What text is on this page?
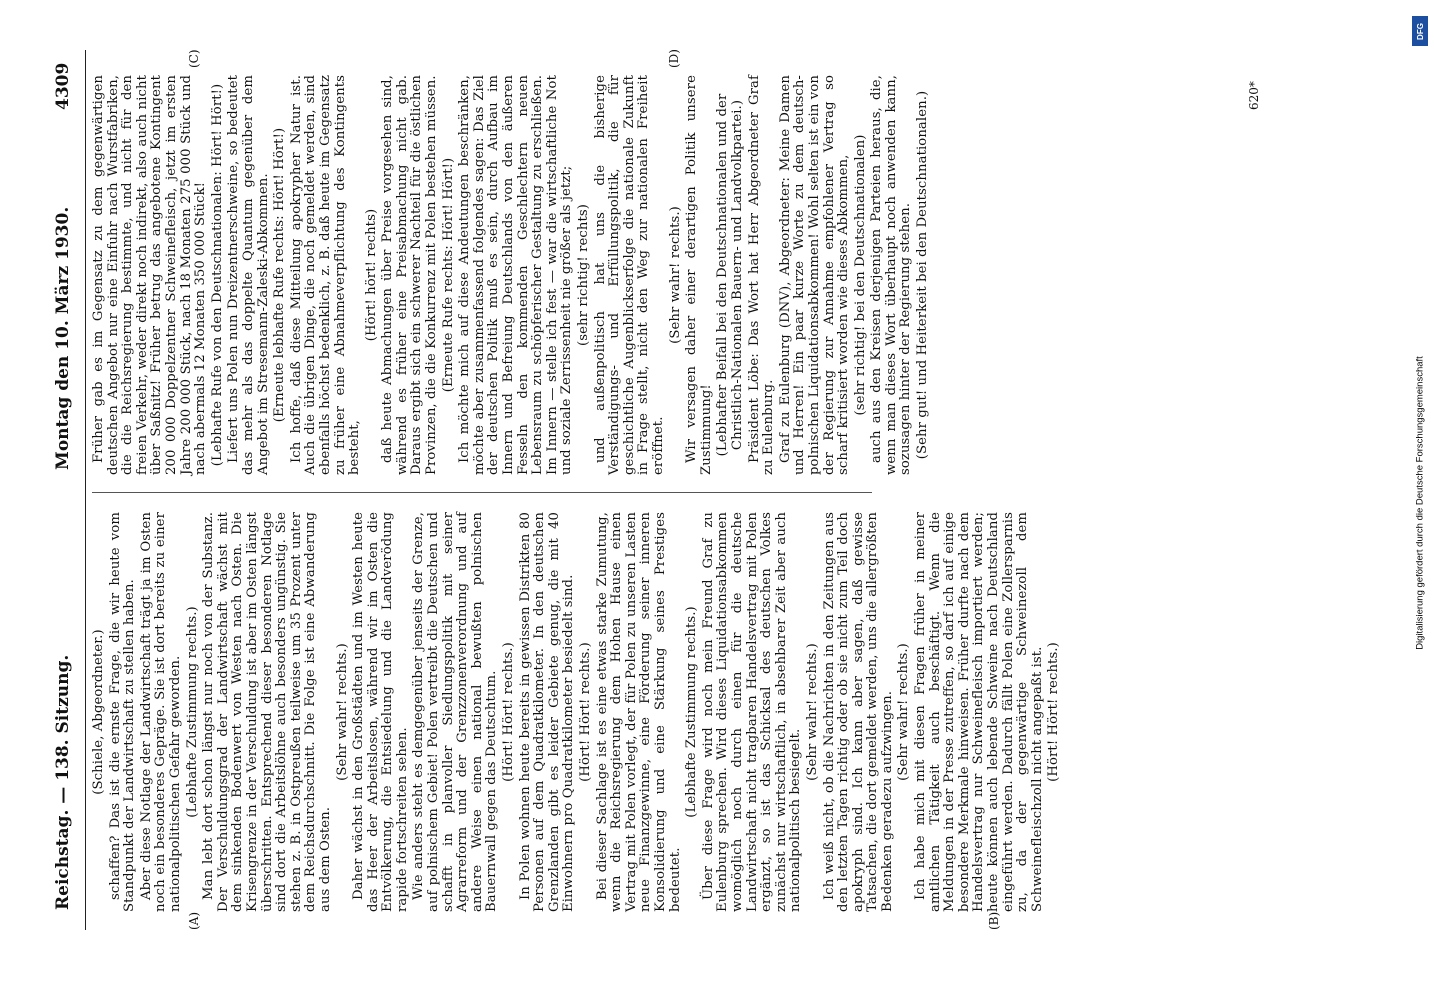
Reichstag. — 138. Sitzung.
Montag den 10. März 1930.
4309
(A)	(B)
(C)	(D)

(Schiele, Abgeordneter.) schaffen? Das ist die ernste Frage, die wir heute vom Standpunkt der Landwirtschaft zu stellen haben. Aber diese Notlage der Landwirtschaft trägt ja im Osten noch ein besonderes Gepräge. Sie ist dort bereits zu einer nationalpolitischen Gefahr geworden. (Lebhafte Zustimmung rechts.) Man lebt dort schon längst nur noch von der Substanz. Der Verschuldungsgrad der Landwirtschaft wächst mit dem sinkenden Bodenwert von Westen nach Osten. Die Krisengrenze in der Verschuldung ist aber im Osten längst überschritten. Entsprechend dieser besonderen Notlage sind dort die Arbeitslöhne auch besonders ungünstig. Sie stehen z. B. in Ostpreußen teilweise um 35 Prozent unter dem Reichsdurchschnitt. Die Folge ist eine Abwanderung aus dem Osten.

(Sehr wahr! rechts.) Daher wächst in den Großstädten und im Westen heute das Heer der Arbeitslosen, während wir im Osten die Entvölkerung, die Entsiedelung und die Landverödung rapide fortschreiten sehen. Wie anders steht es demgegenüber jenseits der Grenze, auf polnischem Gebiet! Polen vertreibt die Deutschen und schafft in planvoller Siedlungspolitik mit seiner Agrarreform und der Grenzzonenverordnung und auf andere Weise einen national bewußten polnischen Bauernwall gegen das Deutschtum. (Hört! Hört! rechts.) In Polen wohnen heute bereits in gewissen Distrikten 80 Personen auf dem Quadratkilometer. In den deutschen Grenzlanden gibt es leider Gebiete genug, die mit 40 Einwohnern pro Quadratkilometer besiedelt sind. (Hört! Hört! rechts.) Bei dieser Sachlage ist es eine etwas starke Zumutung, wenn die Reichsregierung dem Hohen Hause einen Vertrag mit Polen vorlegt, der für Polen zu unseren Lasten neue Finanzgewinne, eine Förderung seiner inneren Konsolidierung und eine Stärkung seines Prestiges bedeutet.

(Lebhafte Zustimmung rechts.) Über diese Frage wird noch mein Freund Graf zu Eulenburg sprechen. Wird dieses Liquidationsabkommen womöglich noch durch einen für die deutsche Landwirtschaft nicht tragbaren Handelsvertrag mit Polen ergänzt, so ist das Schicksal des deutschen Volkes zunächst nur wirtschaftlich, in absehbarer Zeit aber auch nationalpolitisch besiegelt.

(Sehr wahr! rechts.) Ich weiß nicht, ob die Nachrichten in den Zeitungen aus den letzten Tagen richtig oder ob sie nicht zum Teil doch apokryph sind. Ich kann aber sagen, daß gewisse Tatsachen, die dort gemeldet werden, uns die allergrößten Bedenken geradezu aufzwingen. (Sehr wahr! rechts.) Ich habe mich mit diesen Fragen früher in meiner amtlichen Tätigkeit auch beschäftigt. Wenn die Meldungen in der Presse zutreffen, so darf ich auf einige besondere Merkmale hinweisen. Früher durfte nach dem Handelsvertrag nur Schweinefleisch importiert werden; heute können auch lebende Schweine nach Deutschland eingeführt werden. Dadurch fällt Polen eine Zollersparnis zu, da der gegenwärtige Schweinezoll dem Schweinefleischzoll nicht angepaßt ist. (Hört! Hört! rechts.)

Früher gab es im Gegensatz zu dem gegenwärtigen deutschen Angebot nur eine Einfuhr nach Wurstfabriken, die die Reichsregierung bestimmte, und nicht für den freien Verkehr, weder direkt noch indirekt, also auch nicht über Saßnitz! Früher betrug das angebotene Kontingent 200 000 Doppelzentner Schweinefleisch, jetzt im ersten Jahre 200 000 Stück, nach 18 Monaten 275 000 Stück und nach abermals 12 Monaten 350 000 Stück! (Lebhafte Rufe von den Deutschnationalen: Hört! Hört!) Liefert uns Polen nun Dreizentnerschweine, so bedeutet das mehr als das doppelte Quantum gegenüber dem Angebot im Stresemann-Zaleski-Abkommen. (Erneute lebhafte Rufe rechts: Hört! Hört!) Ich hoffe, daß diese Mitteilung apokrypher Natur ist. Auch die übrigen Dinge, die noch gemeldet werden, sind ebenfalls höchst bedenklich, z. B. daß heute im Gegensatz zu früher eine Abnahmeverpflichtung des Kontingents besteht,

(Hört! hört! rechts) daß heute Abmachungen über Preise vorgesehen sind, während es früher eine Preisabmachung nicht gab. Daraus ergibt sich ein schwerer Nachteil für die östlichen Provinzen, die die Konkurrenz mit Polen bestehen müssen. (Erneute Rufe rechts: Hört! Hört!) Ich möchte mich auf diese Andeutungen beschränken, möchte aber zusammenfassend folgendes sagen: Das Ziel der deutschen Politik muß es sein, durch Aufbau im Innern und Befreiung Deutschlands von den äußeren Fesseln den kommenden Geschlechtern neuen Lebensraum zu schöpferischer Gestaltung zu erschließen. Im Innern — stelle ich fest — war die wirtschaftliche Not und soziale Zerrissenheit nie größer als jetzt; (sehr richtig! rechts) und außenpolitisch hat uns die bisherige Verständigungs- und Erfüllungspolitik, die für geschichtliche Augenblickserfolge die nationale Zukunft in Frage stellt, nicht den Weg zur nationalen Freiheit eröffnet.

(Sehr wahr! rechts.) Wir versagen daher einer derartigen Politik unsere Zustimmung! (Lebhafter Beifall bei den Deutschnationalen und der Christlich-Nationalen Bauern- und Landvolkpartei.) Präsident Löbe: Das Wort hat Herr Abgeordneter Graf zu Eulenburg. Graf zu Eulenburg (DNV), Abgeordneter: Meine Damen und Herren! Ein paar kurze Worte zu dem deutsch-polnischen Liquidationsabkommen! Wohl selten ist ein von der Regierung zur Annahme empfohlener Vertrag so scharf kritisiert worden wie dieses Abkommen, (sehr richtig! bei den Deutschnationalen) auch aus den Kreisen derjenigen Parteien heraus, die, wenn man dieses Wort überhaupt noch anwenden kann, sozusagen hinter der Regierung stehen. (Sehr gut! und Heiterkeit bei den Deutschnationalen.)	620*
DFG
Digitalisierung gefördert durch die Deutsche Forschungsgemeinschaft
